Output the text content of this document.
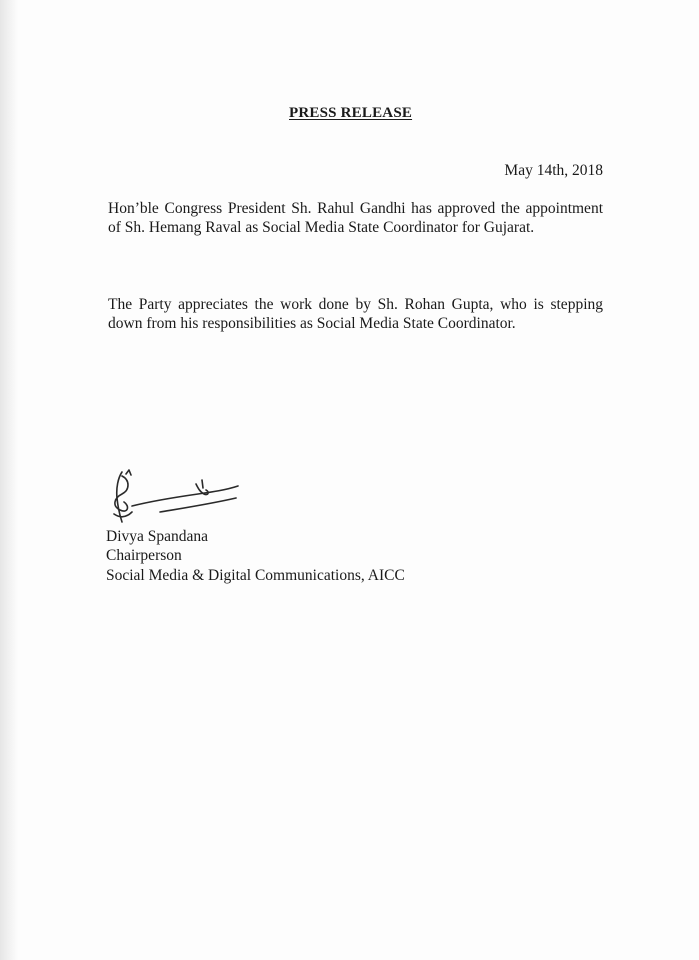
PRESS RELEASE
May 14th, 2018

Hon’ble Congress President Sh. Rahul Gandhi has approved the appointment of Sh. Hemang Raval as Social Media State Coordinator for Gujarat.

The Party appreciates the work done by Sh. Rohan Gupta, who is stepping down from his responsibilities as Social Media State Coordinator.

Divya Spandana
Chairperson
Social Media & Digital Communications, AICC
